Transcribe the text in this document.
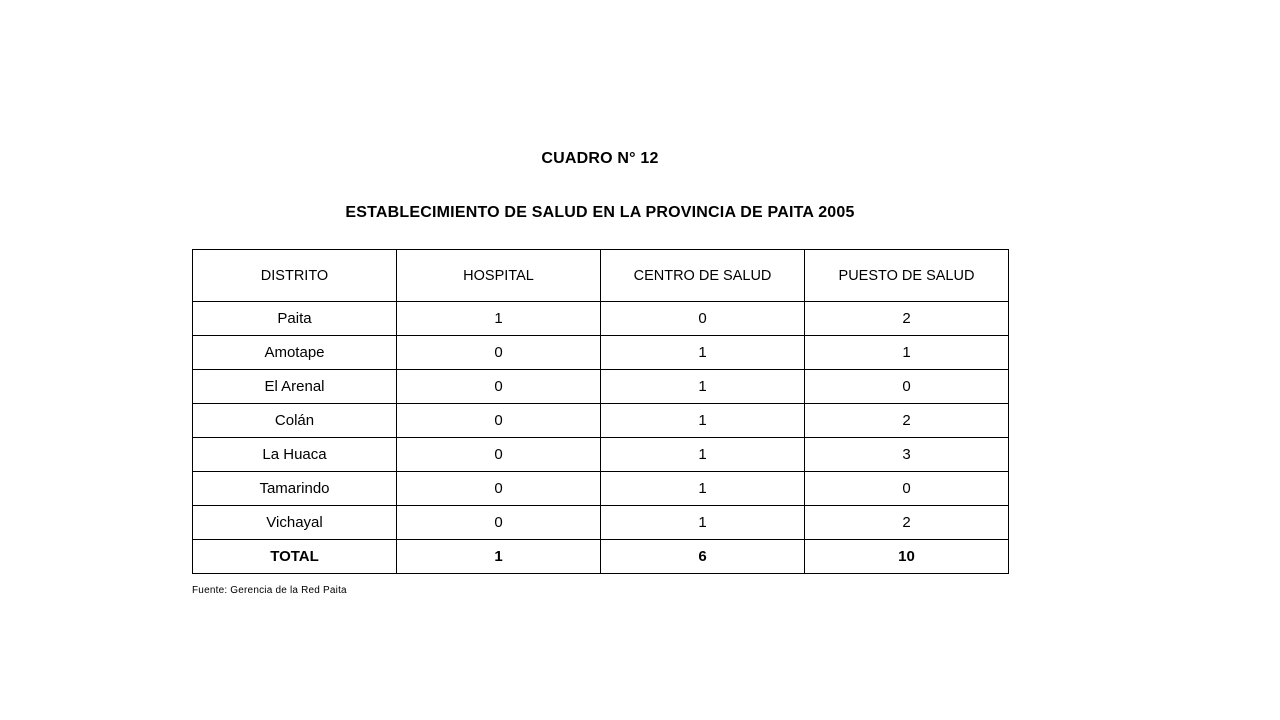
CUADRO N° 12
ESTABLECIMIENTO DE SALUD EN LA PROVINCIA DE PAITA 2005
DISTRITO	HOSPITAL	CENTRO DE SALUD	PUESTO DE SALUD
Paita	1	0	2
Amotape	0	1	1
El Arenal	0	1	0
Colán	0	1	2
La Huaca	0	1	3
Tamarindo	0	1	0
Vichayal	0	1	2
TOTAL	1	6	10
Fuente: Gerencia de la Red Paita
